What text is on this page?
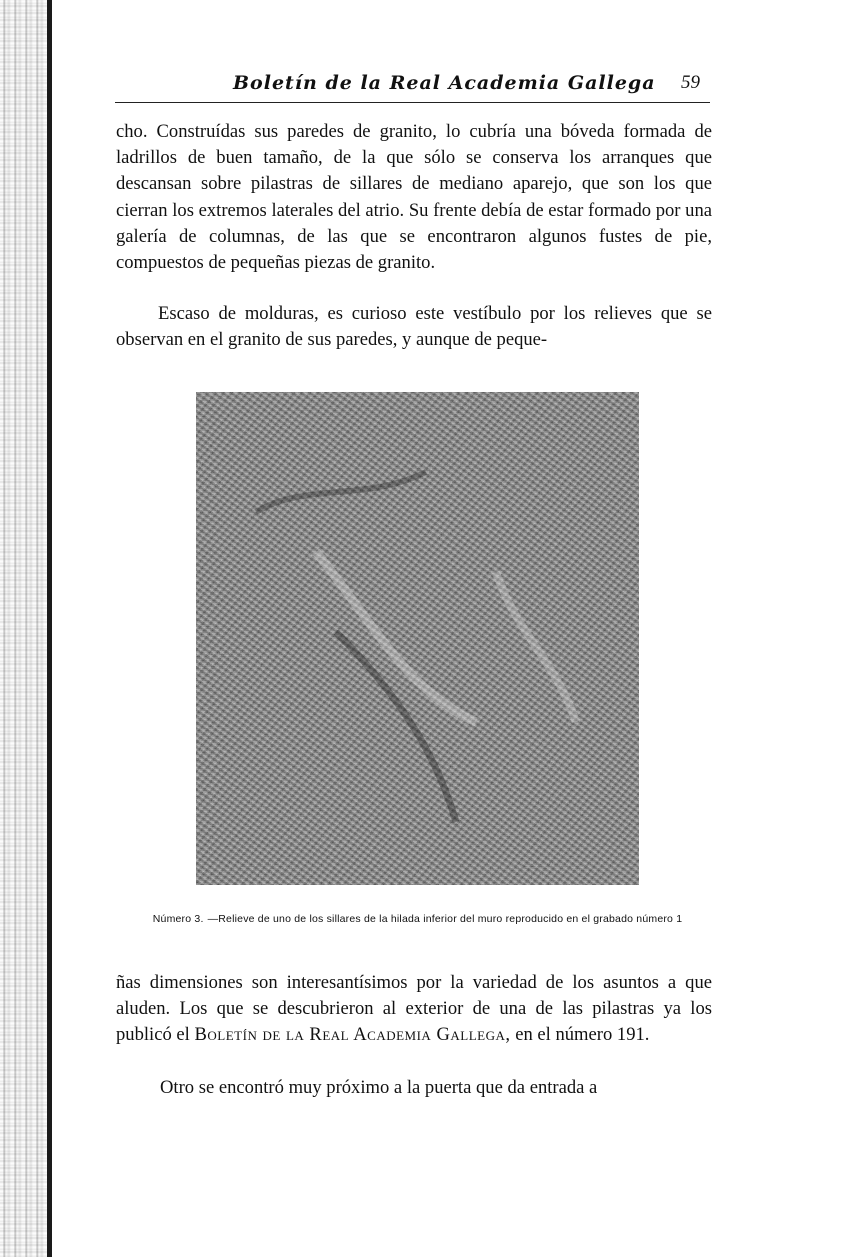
Boletín de la Real Academia Gallega 59

cho. Construídas sus paredes de granito, lo cubría una bóveda formada de ladrillos de buen tamaño, de la que sólo se conserva los arranques que descansan sobre pilastras de sillares de mediano aparejo, que son los que cierran los extremos laterales del atrio. Su frente debía de estar formado por una galería de columnas, de las que se encontraron algunos fustes de pie, compuestos de pequeñas piezas de granito.

Escaso de molduras, es curioso este vestíbulo por los relieves que se observan en el granito de sus paredes, y aunque de peque-

Número 3. —Relieve de uno de los sillares de la hilada inferior del muro reproducido en el grabado número 1

ñas dimensiones son interesantísimos por la variedad de los asuntos a que aluden. Los que se descubrieron al exterior de una de las pilastras ya los publicó el Boletín de la Real Academia Gallega, en el número 191.

Otro se encontró muy próximo a la puerta que da entrada a
